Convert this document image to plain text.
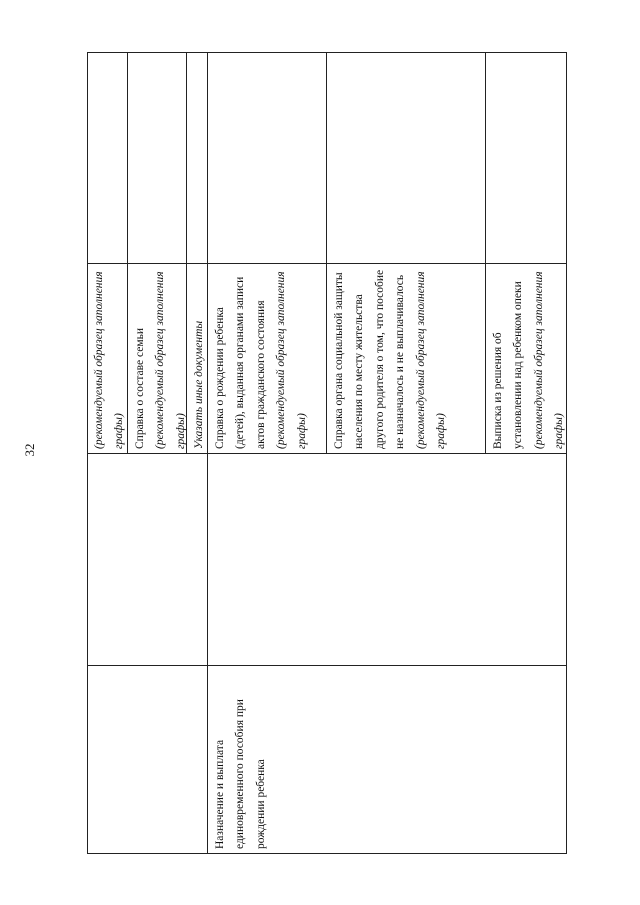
32
(рекомендуемый образец заполнения графы) Справка о составе семьи (рекомендуемый образец заполнения графы) Указать иные документы
Назначение и выплата единовременного пособия при рождении ребенка
Справка о рождении ребенка (детей), выданная органами записи актов гражданского состояния (рекомендуемый образец заполнения графы)	Справка органа социальной защиты населения по месту жительства другого родителя о том, что пособие не назначалось и не выплачивалось (рекомендуемый образец заполнения графы)	Выписка из решения об установлении над ребенком опеки (рекомендуемый образец заполнения графы)
